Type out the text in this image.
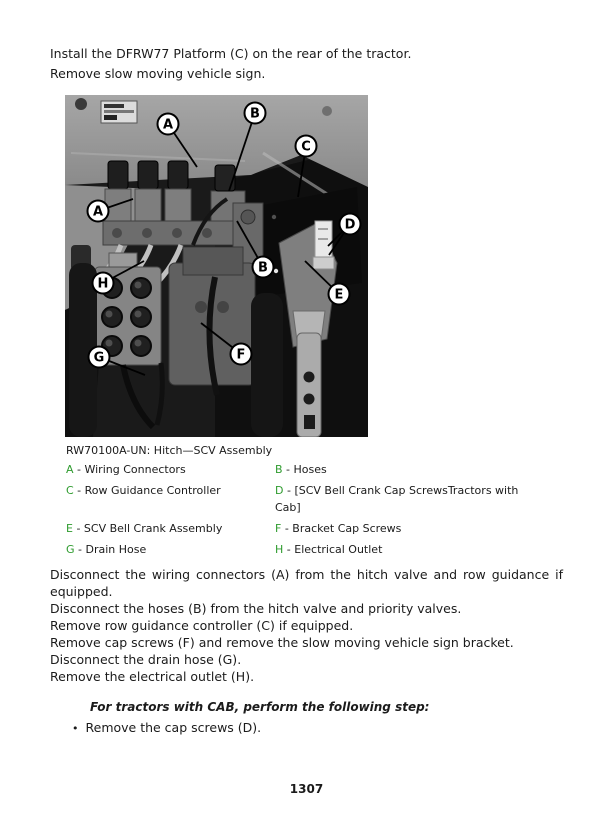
Install the DFRW77 Platform (C) on the rear of the tractor.
Remove slow moving vehicle sign.
A
B
C
A
D
B
H
E
F
G
RW70100A-UN: Hitch—SCV Assembly
A - Wiring Connectors	B - Hoses
C - Row Guidance Controller	D - [SCV Bell Crank Cap ScrewsTractors with Cab]
E - SCV Bell Crank Assembly	F - Bracket Cap Screws
G - Drain Hose	H - Electrical Outlet
Disconnect the wiring connectors (A) from the hitch valve and row guidance if equipped.
Disconnect the hoses (B) from the hitch valve and priority valves.
Remove row guidance controller (C) if equipped.
Remove cap screws (F) and remove the slow moving vehicle sign bracket.
Disconnect the drain hose (G).
Remove the electrical outlet (H).
For tractors with CAB, perform the following step:
• Remove the cap screws (D).
1307
